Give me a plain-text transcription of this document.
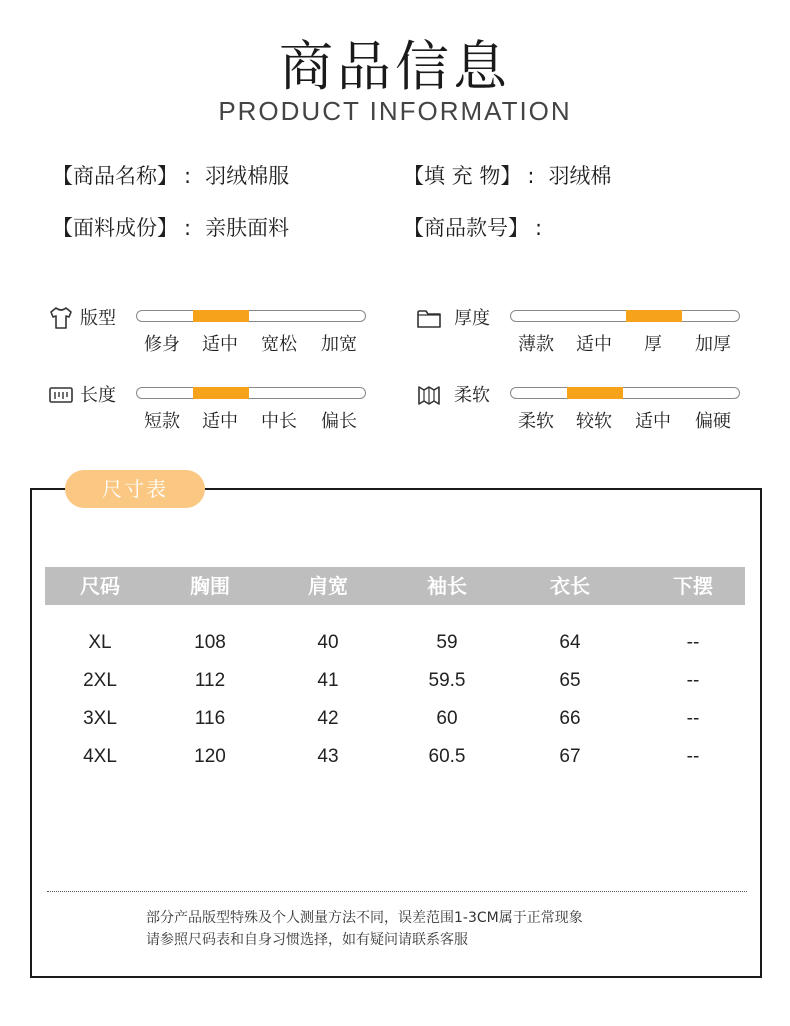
商品信息
PRODUCT INFORMATION
【商品名称】 : 羽绒棉服	【填 充 物】 : 羽绒棉
【面料成份】 : 亲肤面料	【商品款号】 :
版型
修身 适中 宽松 加宽
厚度
薄款 适中 厚 加厚
长度
短款 适中 中长 偏长
柔软
柔软 较软 适中 偏硬
尺寸表
尺码	胸围	肩宽	袖长	衣长	下摆
XL	108	40	59	64	--
2XL	112	41	59.5	65	--
3XL	116	42	60	66	--
4XL	120	43	60.5	67	--
部分产品版型特殊及个人测量方法不同，误差范围1-3CM属于正常现象
请参照尺码表和自身习惯选择，如有疑问请联系客服
